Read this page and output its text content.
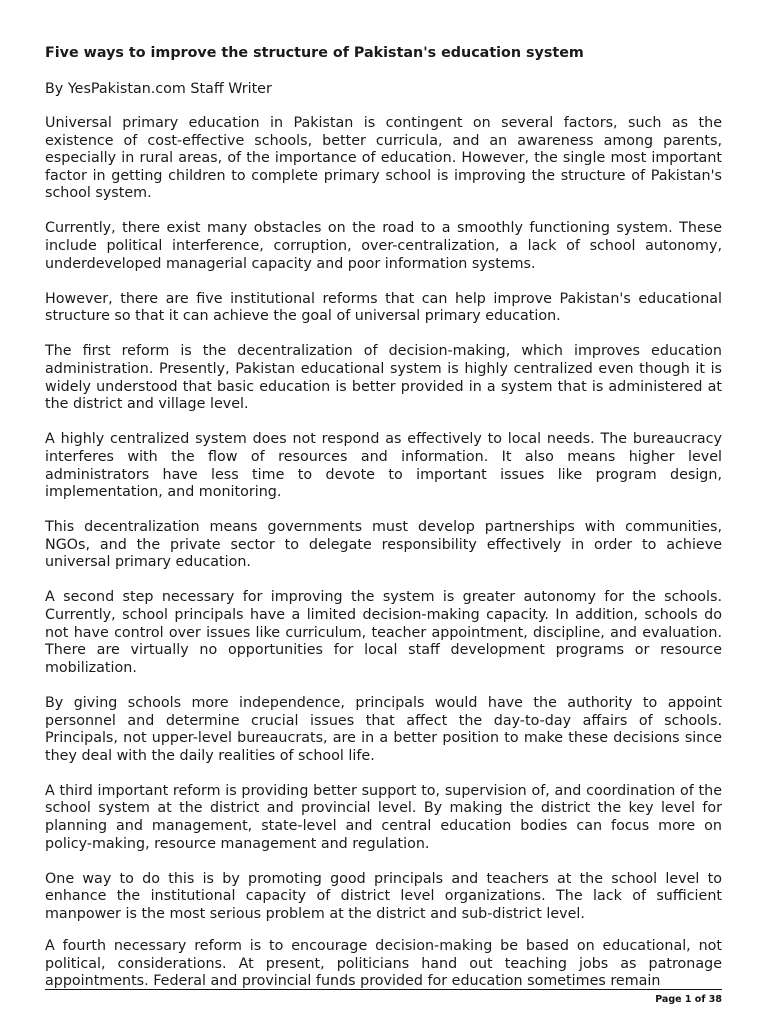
Five ways to improve the structure of Pakistan's education system

By YesPakistan.com Staff Writer

Universal primary education in Pakistan is contingent on several factors, such as the existence of cost-effective schools, better curricula, and an awareness among parents, especially in rural areas, of the importance of education. However, the single most important factor in getting children to complete primary school is improving the structure of Pakistan's school system.

Currently, there exist many obstacles on the road to a smoothly functioning system. These include political interference, corruption, over-centralization, a lack of school autonomy, underdeveloped managerial capacity and poor information systems.

However, there are five institutional reforms that can help improve Pakistan's educational structure so that it can achieve the goal of universal primary education.

The first reform is the decentralization of decision-making, which improves education administration. Presently, Pakistan educational system is highly centralized even though it is widely understood that basic education is better provided in a system that is administered at the district and village level.

A highly centralized system does not respond as effectively to local needs. The bureaucracy interferes with the flow of resources and information. It also means higher level administrators have less time to devote to important issues like program design, implementation, and monitoring.

This decentralization means governments must develop partnerships with communities, NGOs, and the private sector to delegate responsibility effectively in order to achieve universal primary education.

A second step necessary for improving the system is greater autonomy for the schools. Currently, school principals have a limited decision-making capacity. In addition, schools do not have control over issues like curriculum, teacher appointment, discipline, and evaluation. There are virtually no opportunities for local staff development programs or resource mobilization.

By giving schools more independence, principals would have the authority to appoint personnel and determine crucial issues that affect the day-to-day affairs of schools. Principals, not upper-level bureaucrats, are in a better position to make these decisions since they deal with the daily realities of school life.

A third important reform is providing better support to, supervision of, and coordination of the school system at the district and provincial level. By making the district the key level for planning and management, state-level and central education bodies can focus more on policy-making, resource management and regulation.

One way to do this is by promoting good principals and teachers at the school level to enhance the institutional capacity of district level organizations. The lack of sufficient manpower is the most serious problem at the district and sub-district level.

A fourth necessary reform is to encourage decision-making be based on educational, not political, considerations. At present, politicians hand out teaching jobs as patronage appointments. Federal and provincial funds provided for education sometimes remain

Page 1 of 38
